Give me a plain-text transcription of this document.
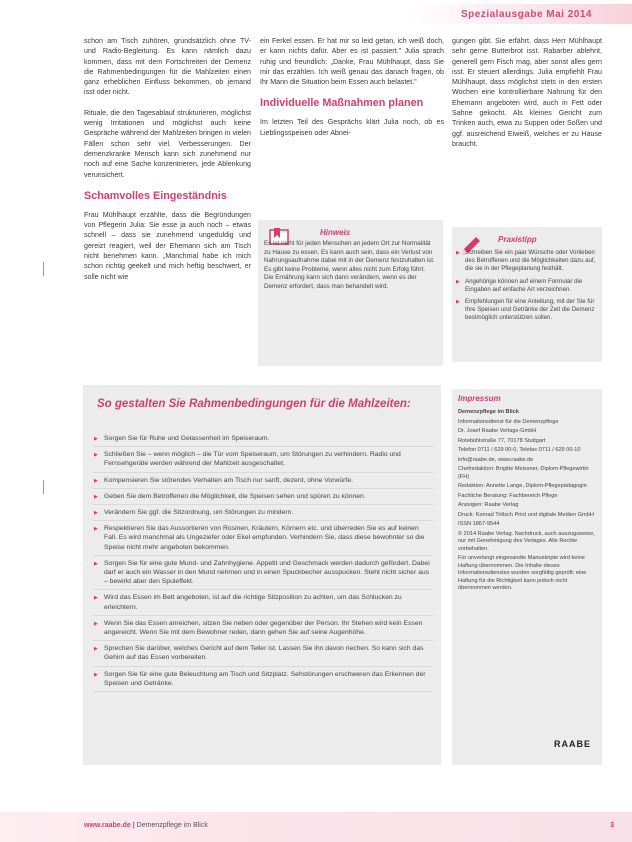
Spezialausgabe Mai 2014

schon am Tisch zuhören, grundsätzlich ohne TV- und Radio-Begleitung. Es kann nämlich dazu kommen, dass mit dem Fortschreiten der Demenz die Rahmenbedingungen für die Mahlzeiten einen ganz erheblichen Einfluss bekommen, ob jemand isst oder nicht.

Rituale, die den Tagesablauf strukturieren, möglichst wenig Irritationen und möglichst auch keine Gespräche während der Mahlzeiten bringen in vielen Fällen schon sehr viel. Verbesserungen. Der demenzkranke Mensch kann sich zunehmend nur noch auf eine Sache konzentrieren, jede Ablenkung verunsichert.

Schamvolles Eingeständnis

Frau Mühlhaupt erzählte, dass die Begründungen von Pflegerin Julia: Sie esse ja auch noch – etwas schnell – dass sie zunehmend ungeduldig und gereizt reagiert, weil der Ehemann sich am Tisch nicht benehmen kann. „Manchmal habe ich mich schon richtig geekelt und mich heftig beschwert, er solle nicht wie

ein Ferkel essen. Er hat mir so leid getan, ich weiß doch, er kann nichts dafür. Aber es ist passiert." Julia sprach ruhig und freundlich: „Danke, Frau Mühlhaupt, dass Sie mir das erzählen. Ich weiß genau das danach fragen, ob Ihr Mann die Situation beim Essen auch belastet."

Individuelle Maßnahmen planen

Im letzten Teil des Gesprächs klärt Julia noch, ob es Lieblingsspeisen oder Abnei-

gungen gibt. Sie erfährt, dass Herr Mühlhaupt sehr gerne Butterbrot isst. Rabarber ablehnt, generell gern Fisch mag, aber sonst alles gern isst. Er steuert allerdings. Julia empfiehlt Frau Mühlhaupt, dass möglichst stets in den ersten Wochen eine kontrollierbare Nahrung für den Ehemann angeboten wird, auch in Fett oder Sahne gekocht. Als kleines Gericht zum Trinken auch, etwa zu Suppen oder Soßen und ggf. ausreichend Eiweiß, welches er zu Hause braucht.

Hinweis

Es ist nicht für jeden Menschen an jedem Ort zur Normalität zu Hause zu essen. Es kann auch sein, dass ein Verlust von Nahrungsaufnahme dabei mit in der Demenz festzuhalten ist. Es gibt keine Probleme, wenn alles nicht zum Erfolg führt. Die Ernährung kann sich dann verändern, wenn es der Demenz erfordert, dass man behandelt wird.

Praxistipp
▶ Schreiben Sie ein paar Wünsche oder Vorlieben des Betroffenen und die Möglichkeiten dazu auf, die sie in der Pflegeplanung festhält.
▶ Angehörige können auf einem Formular die Eingaben auf einfache Art verzeichnen.
▶ Empfehlungen für eine Anleitung, mit der Sie für Ihre Speisen und Getränke der Zeit die Demenz bestmöglich unterstützen sollen.
So gestalten Sie Rahmenbedingungen für die Mahlzeiten:
▶ Sorgen Sie für Ruhe und Gelassenheit im Speiseraum.
▶ Schließen Sie – wenn möglich – die Tür vom Speiseraum, um Störungen zu verhindern. Radio und Fernsehgeräte werden während der Mahlzeit ausgeschaltet.
▶ Kompensieren Sie störendes Verhalten am Tisch nur sanft, dezent, ohne Vorwürfe.
▶ Geben Sie dem Betroffenen die Möglichkeit, die Speisen sehen und spüren zu können.
▶ Verändern Sie ggf. die Sitzordnung, um Störungen zu mindern.
▶ Respektieren Sie das Aussortieren von Rosinen, Kräutern, Körnern etc. und überreden Sie es auf keinen Fall. Es wird manchmal als Ungeziefer oder Ekel empfunden. Verhindern Sie, dass diese bewohnter so die Speise nicht mehr angeboten bekommen.
▶ Sorgen Sie für eine gute Mund- und Zahnhygiene. Appetit und Geschmack werden dadurch gefördert. Dabei darf er auch ein Wasser in den Mund nehmen und in einen Spuckbecher ausspucken. Steht nicht sicher aus – bewirkt aber den Spuleffekt.
▶ Wird das Essen im Bett angeboten, ist auf die richtige Sitzposition zu achten, um das Schlucken zu erleichtern.
▶ Wenn Sie das Essen anreichen, sitzen Sie neben oder gegenüber der Person. Ihr Stehen wird kein Essen angereicht. Wenn Sie mit dem Bewohner reden, dann gehen Sie auf seine Augenhöhe.
▶ Sprechen Sie darüber, welches Gericht auf dem Teller ist. Lassen Sie ihn davon riechen. So kann sich das Gehirn auf das Essen vorbereiten.
▶ Sorgen Sie für eine gute Beleuchtung am Tisch und Sitzplatz. Sehstörungen erschweren das Erkennen der Speisen und Getränke.
Impressum

Demenzpflege im Blick

Informationsdienst für die Demenzpflege

Dr. Josef Raabe Verlags-GmbH

Rotebühlstraße 77, 70178 Stuttgart

Telefon 0711 / 629 00-0, Telefax 0711 / 629 00-10

info@raabe.de, www.raabe.de

Chefredaktion: Brigitte Meissner, Diplom-Pflegewirtin (FH)

Redaktion: Annette Lange, Diplom-Pflegepädagogin

Fachliche Beratung: Fachbereich Pflege

Anzeigen: Raabe Verlag

Druck: Konrad Triltsch Print und digitale Medien GmbH

ISSN 1867-9544

© 2014 Raabe Verlag. Nachdruck, auch auszugsweise, nur mit Genehmigung des Verlages. Alle Rechte vorbehalten.

Für unverlangt eingesandte Manuskripte wird keine Haftung übernommen. Die Inhalte dieses Informationsdienstes wurden sorgfältig geprüft; eine Haftung für die Richtigkeit kann jedoch nicht übernommen werden.

RAABE
www.raabe.de | Demenzpflege im Blick	3
